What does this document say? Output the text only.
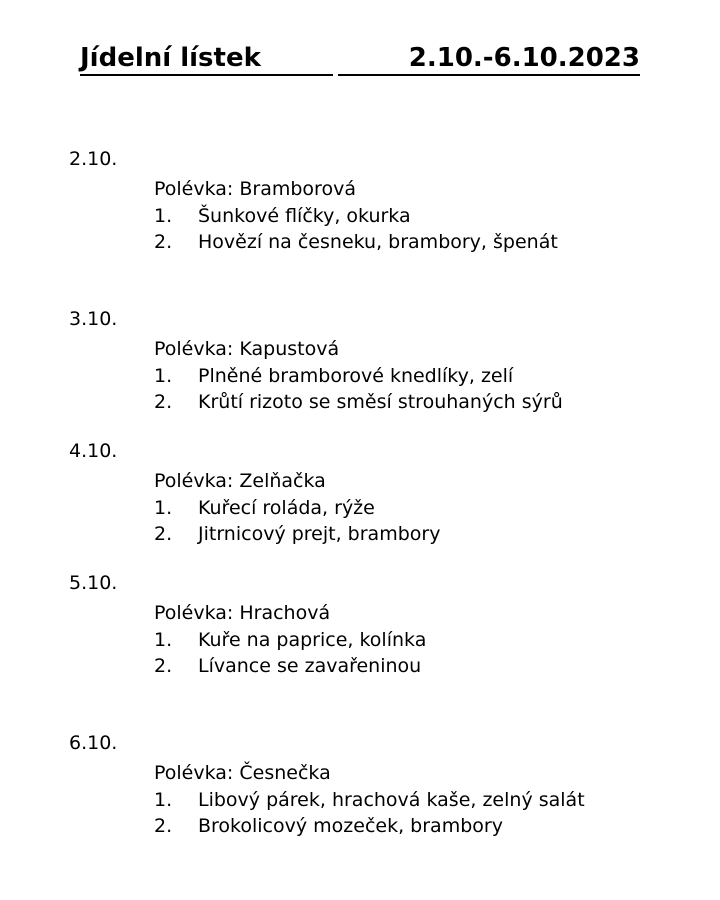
Jídelní lístek	2.10.-6.10.2023
2.10.
Polévka: Bramborová
1. Šunkové flíčky, okurka
2. Hovězí na česneku, brambory, špenát
3.10.
Polévka: Kapustová
1. Plněné bramborové knedlíky, zelí
2. Krůtí rizoto se směsí strouhaných sýrů
4.10.
Polévka: Zelňačka
1. Kuřecí roláda, rýže
2. Jitrnicový prejt, brambory
5.10.
Polévka: Hrachová
1. Kuře na paprice, kolínka
2. Lívance se zavařeninou
6.10.
Polévka: Česnečka
1. Libový párek, hrachová kaše, zelný salát
2. Brokolicový mozeček, brambory
